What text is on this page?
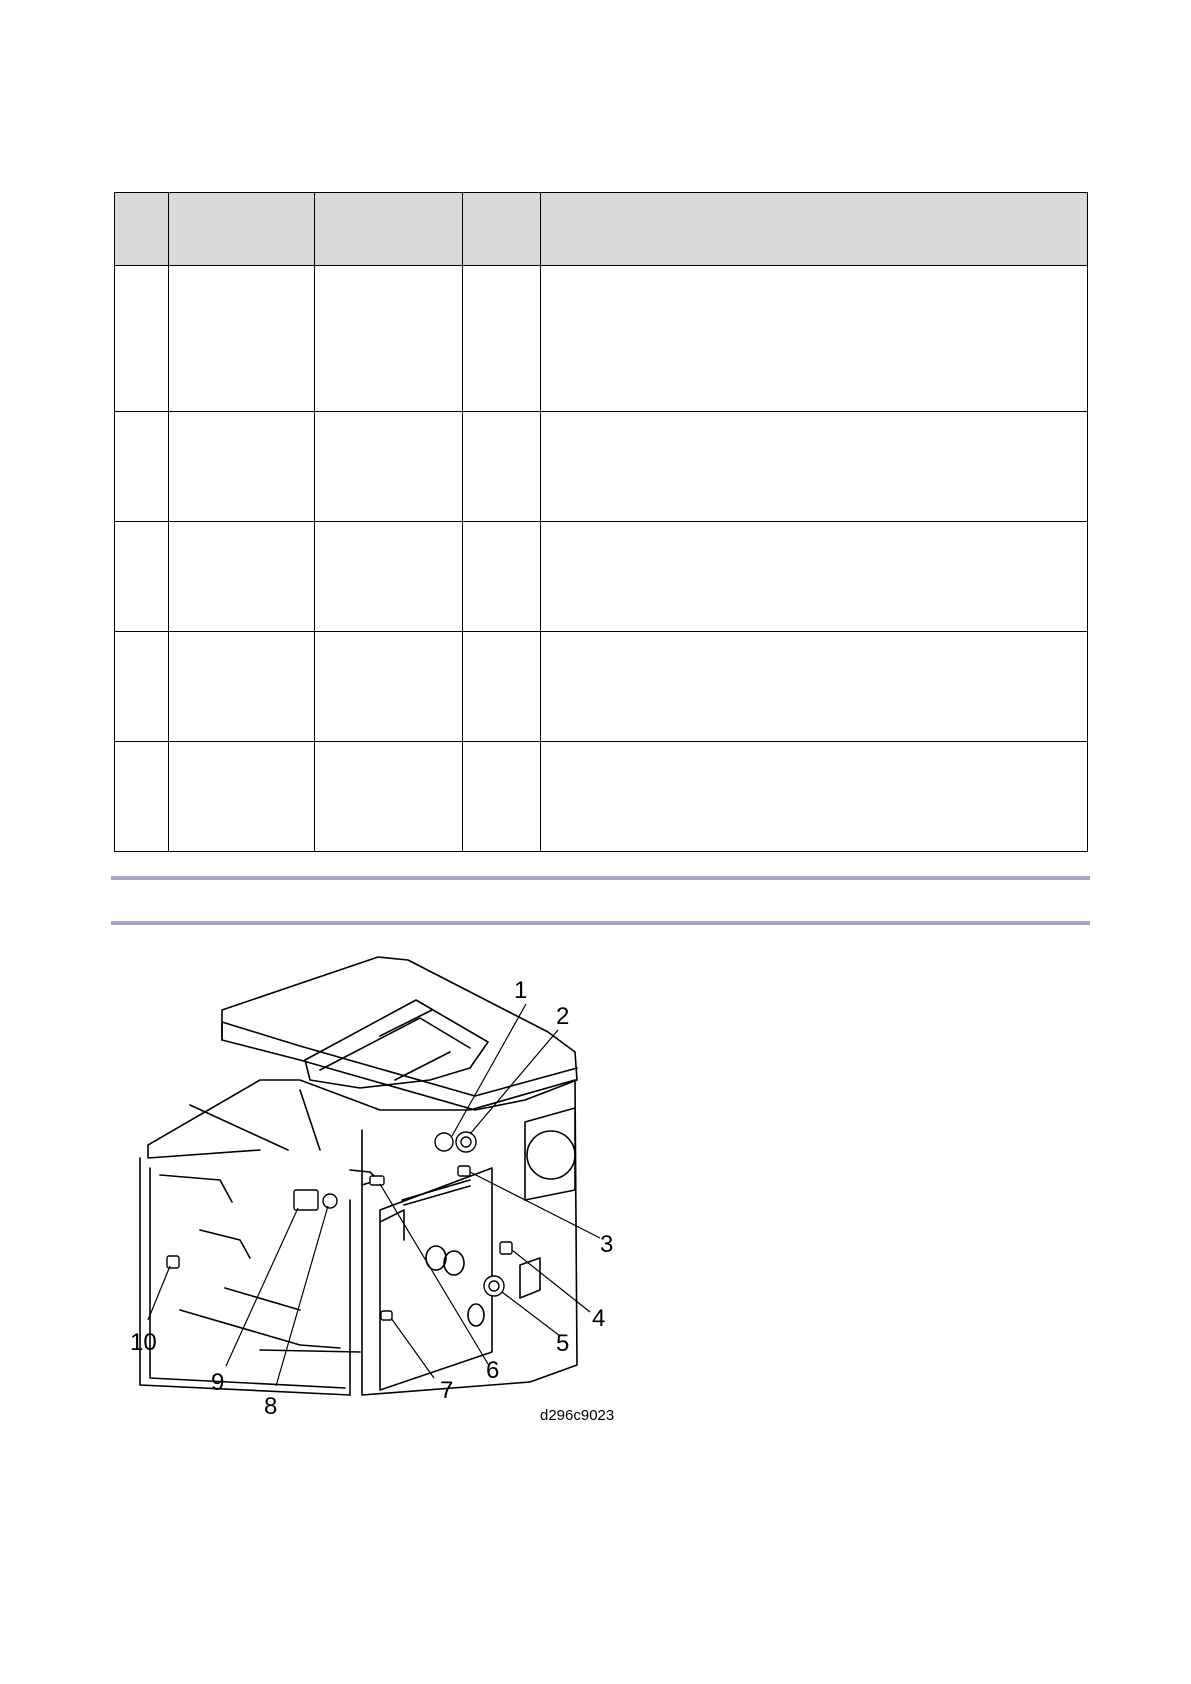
1
2
3
4
5
6
7
8
9
10
d296c9023
